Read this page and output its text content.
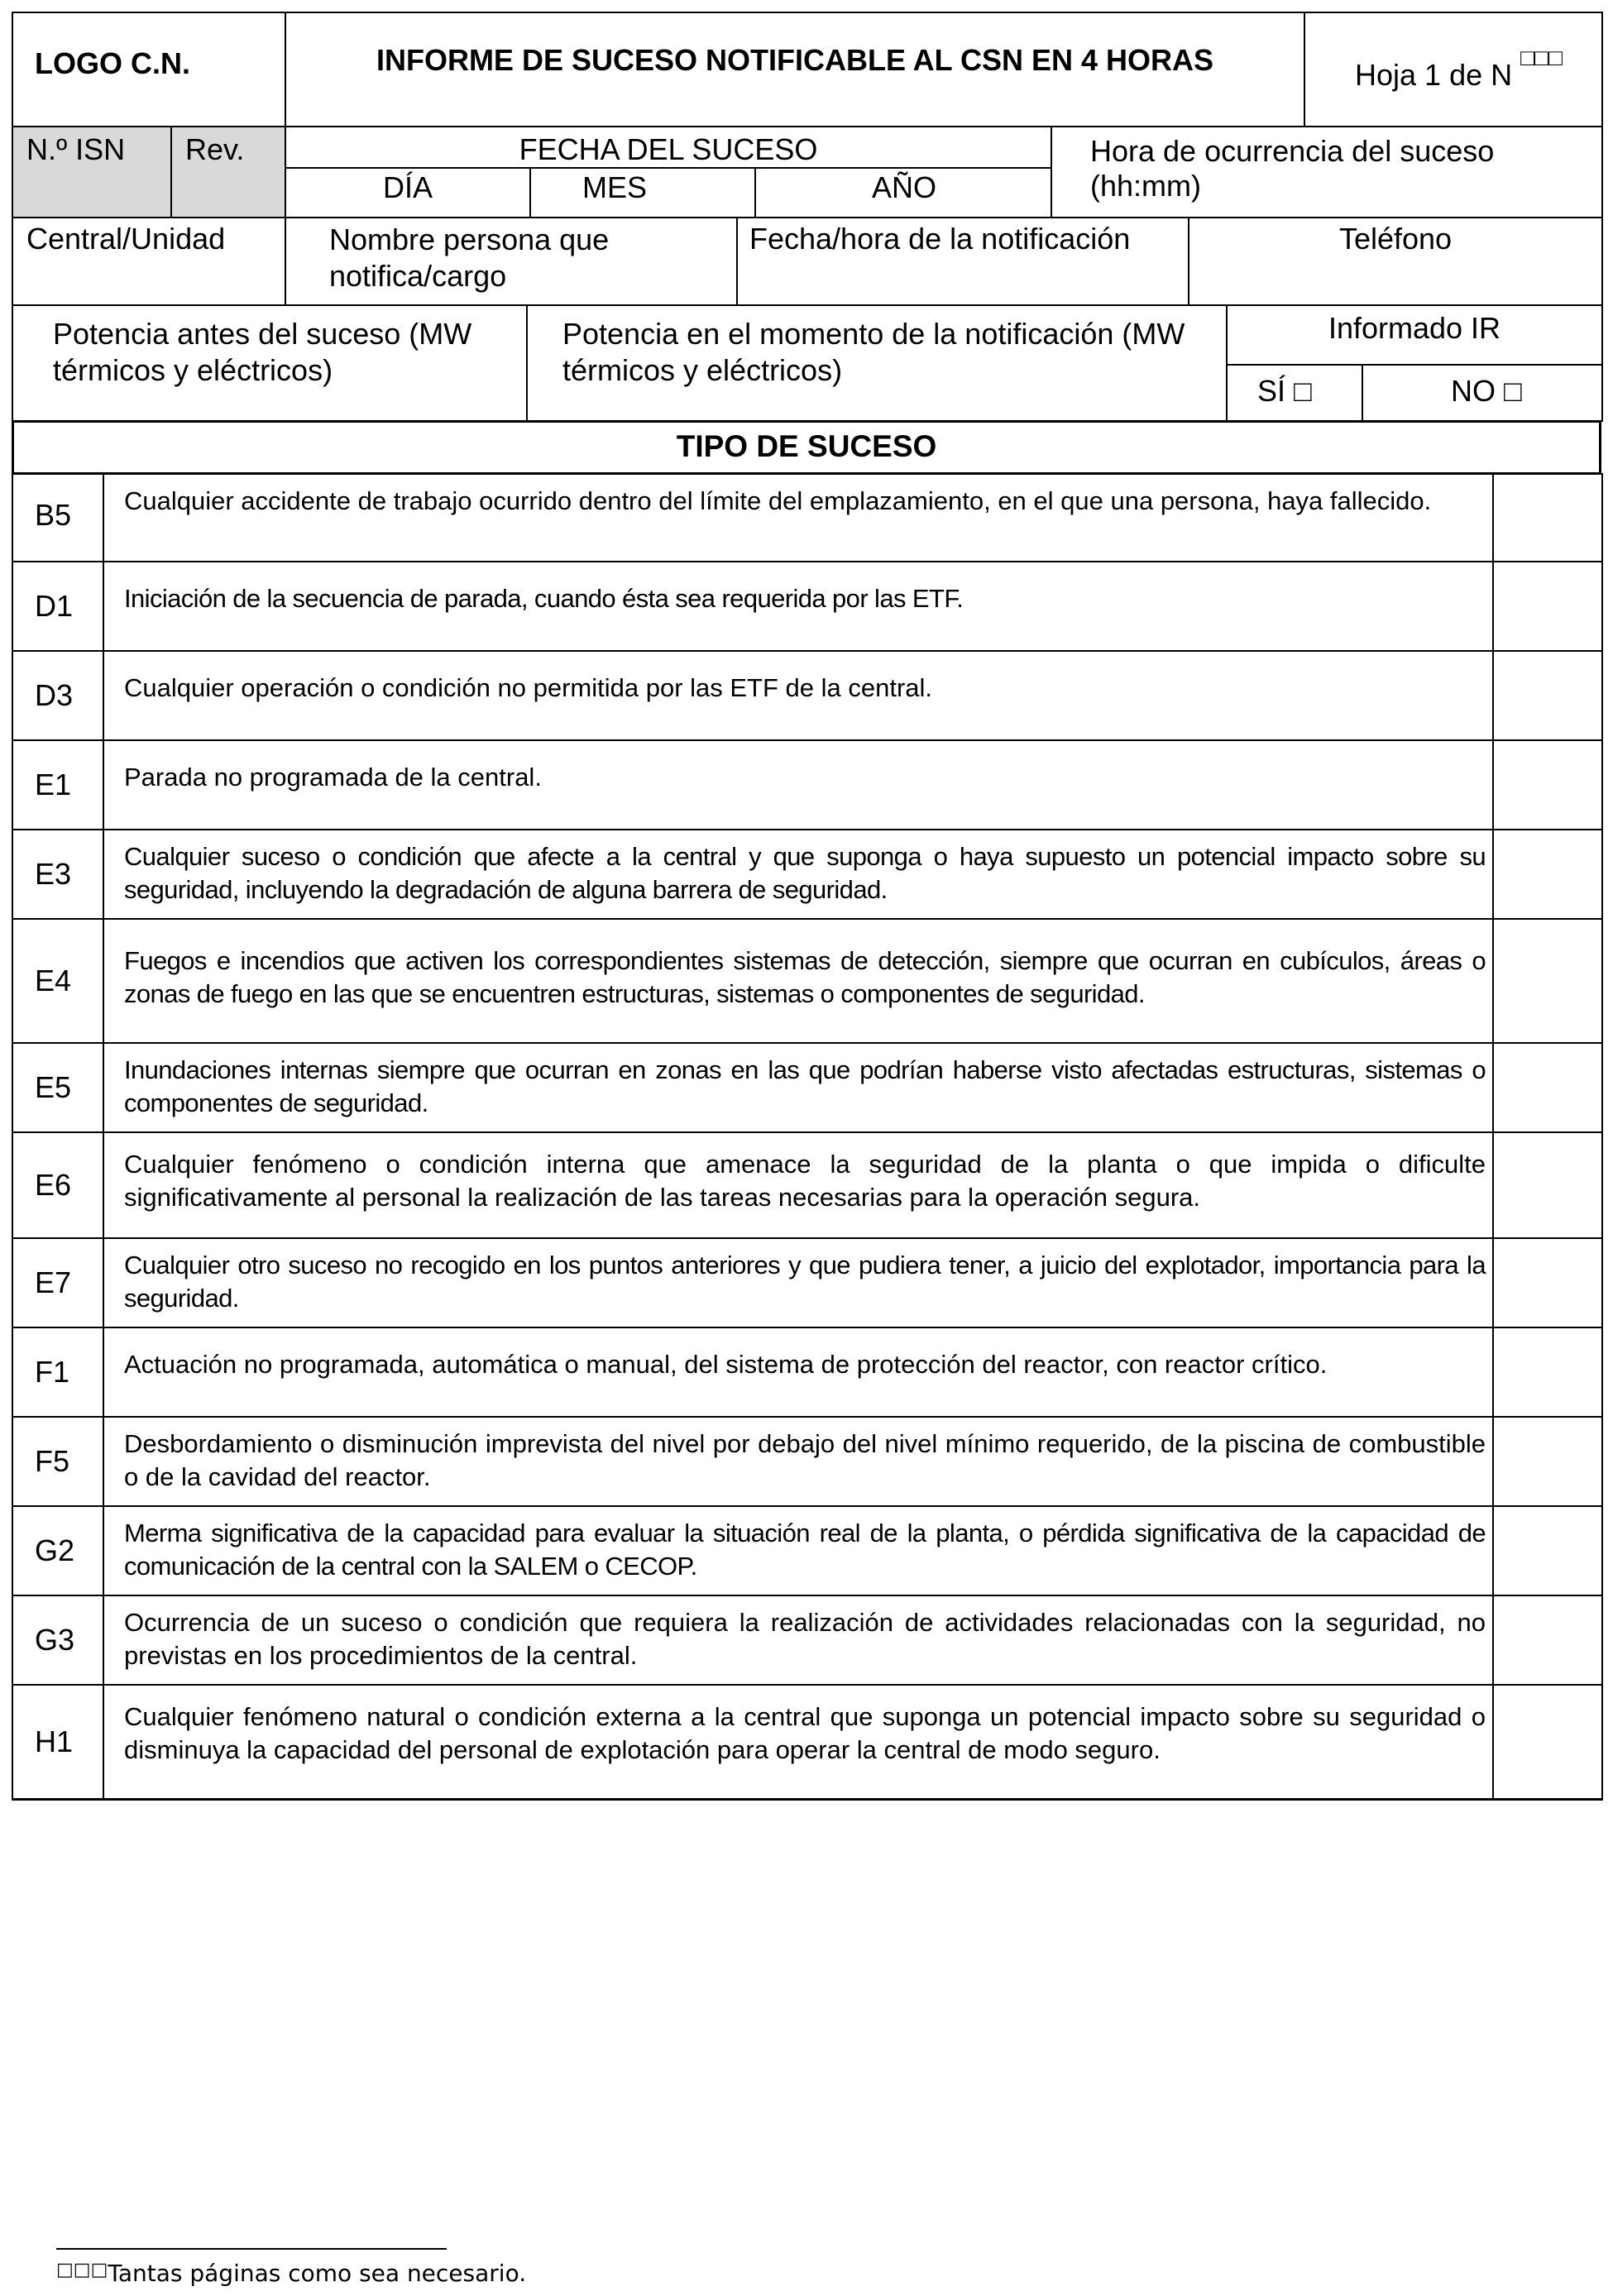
LOGO C.N.	INFORME DE SUCESO NOTIFICABLE AL CSN EN 4 HORAS	Hoja 1 de N □□□
N.º ISN	Rev.	FECHA DEL SUCESO			Hora de ocurrencia del suceso (hh:mm)
		DÍA	MES	AÑO	
Central/Unidad	Nombre persona que notifica/cargo	Fecha/hora de la notificación	Teléfono
Potencia antes del suceso (MW térmicos y eléctricos)	Potencia en el momento de la notificación (MW térmicos y eléctricos)	Informado IR	
		SÍ □	NO □
TIPO DE SUCESO
B5	Cualquier accidente de trabajo ocurrido dentro del límite del emplazamiento, en el que una persona, haya fallecido.	
D1	Iniciación de la secuencia de parada, cuando ésta sea requerida por las ETF.	
D3	Cualquier operación o condición no permitida por las ETF de la central.	
E1	Parada no programada de la central.	
E3	Cualquier suceso o condición que afecte a la central y que suponga o haya supuesto un potencial impacto sobre su seguridad, incluyendo la degradación de alguna barrera de seguridad.	
E4	Fuegos e incendios que activen los correspondientes sistemas de detección, siempre que ocurran en cubículos, áreas o zonas de fuego en las que se encuentren estructuras, sistemas o componentes de seguridad.	
E5	Inundaciones internas siempre que ocurran en zonas en las que podrían haberse visto afectadas estructuras, sistemas o componentes de seguridad.	
E6	Cualquier fenómeno o condición interna que amenace la seguridad de la planta o que impida o dificulte significativamente al personal la realización de las tareas necesarias para la operación segura.	
E7	Cualquier otro suceso no recogido en los puntos anteriores y que pudiera tener, a juicio del explotador, importancia para la seguridad.	
F1	Actuación no programada, automática o manual, del sistema de protección del reactor, con reactor crítico.	
F5	Desbordamiento o disminución imprevista del nivel por debajo del nivel mínimo requerido, de la piscina de combustible o de la cavidad del reactor.	
G2	Merma significativa de la capacidad para evaluar la situación real de la planta, o pérdida significativa de la capacidad de comunicación de la central con la SALEM o CECOP.	
G3	Ocurrencia de un suceso o condición que requiera la realización de actividades relacionadas con la seguridad, no previstas en los procedimientos de la central.	
H1	Cualquier fenómeno natural o condición externa a la central que suponga un potencial impacto sobre su seguridad o disminuya la capacidad del personal de explotación para operar la central de modo seguro.	
□□□Tantas páginas como sea necesario.
